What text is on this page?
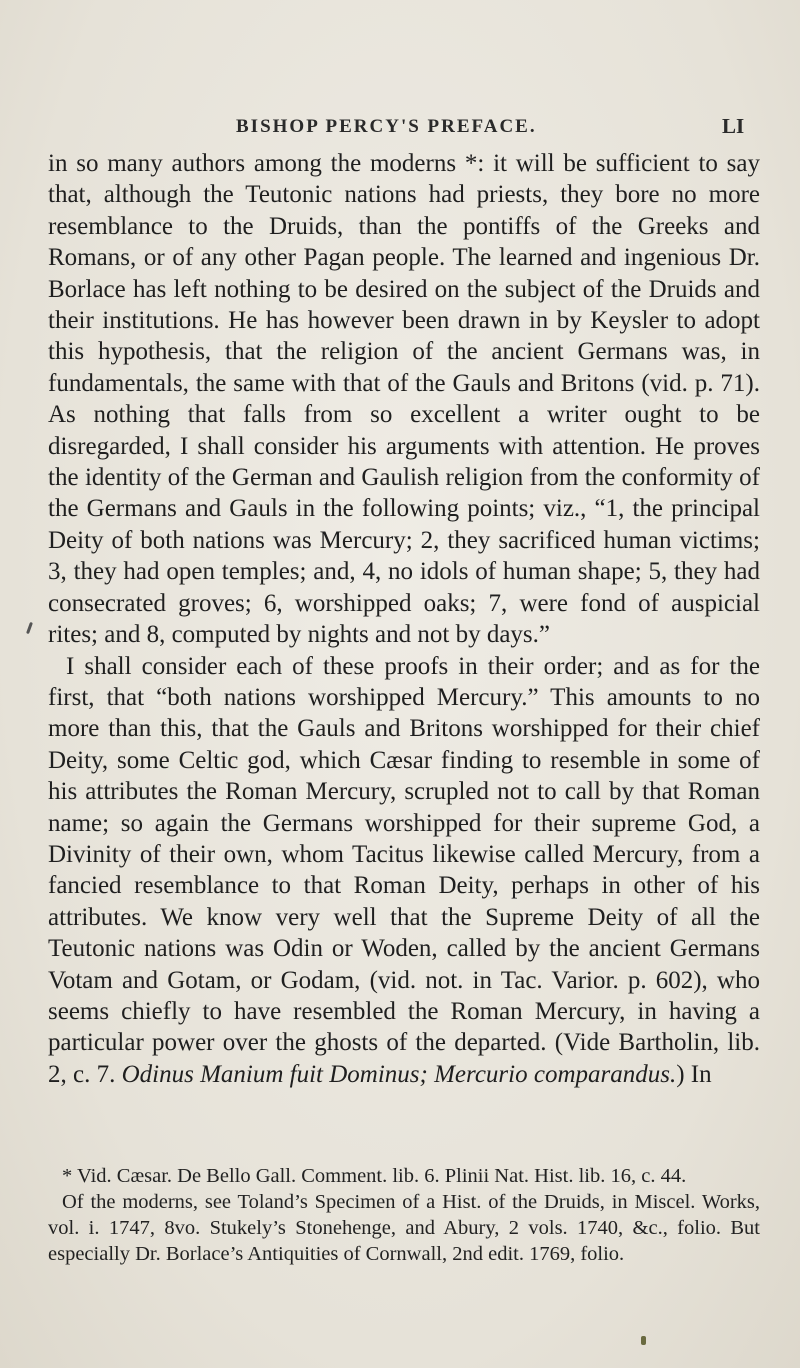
BISHOP PERCY'S PREFACE.	LI

in so many authors among the moderns *: it will be sufficient to say that, although the Teutonic nations had priests, they bore no more resemblance to the Druids, than the pontiffs of the Greeks and Romans, or of any other Pagan people. The learned and ingenious Dr. Borlace has left nothing to be desired on the subject of the Druids and their institutions. He has however been drawn in by Keysler to adopt this hypothesis, that the religion of the ancient Germans was, in fundamentals, the same with that of the Gauls and Britons (vid. p. 71). As nothing that falls from so excellent a writer ought to be disregarded, I shall consider his arguments with attention. He proves the identity of the German and Gaulish religion from the conformity of the Germans and Gauls in the following points; viz., “1, the principal Deity of both nations was Mercury; 2, they sacrificed human victims; 3, they had open temples; and, 4, no idols of human shape; 5, they had consecrated groves; 6, worshipped oaks; 7, were fond of auspicial rites; and 8, computed by nights and not by days.”

I shall consider each of these proofs in their order; and as for the first, that “both nations worshipped Mercury.” This amounts to no more than this, that the Gauls and Britons worshipped for their chief Deity, some Celtic god, which Cæsar finding to resemble in some of his attributes the Roman Mercury, scrupled not to call by that Roman name; so again the Germans worshipped for their supreme God, a Divinity of their own, whom Tacitus likewise called Mercury, from a fancied resemblance to that Roman Deity, perhaps in other of his attributes. We know very well that the Supreme Deity of all the Teutonic nations was Odin or Woden, called by the ancient Germans Votam and Gotam, or Godam, (vid. not. in Tac. Varior. p. 602), who seems chiefly to have resembled the Roman Mercury, in having a particular power over the ghosts of the departed. (Vide Bartholin, lib. 2, c. 7. Odinus Manium fuit Dominus; Mercurio comparandus.) In

* Vid. Cæsar. De Bello Gall. Comment. lib. 6. Plinii Nat. Hist. lib. 16, c. 44.

Of the moderns, see Toland’s Specimen of a Hist. of the Druids, in Miscel. Works, vol. i. 1747, 8vo. Stukely’s Stonehenge, and Abury, 2 vols. 1740, &c., folio. But especially Dr. Borlace’s Antiquities of Cornwall, 2nd edit. 1769, folio.
